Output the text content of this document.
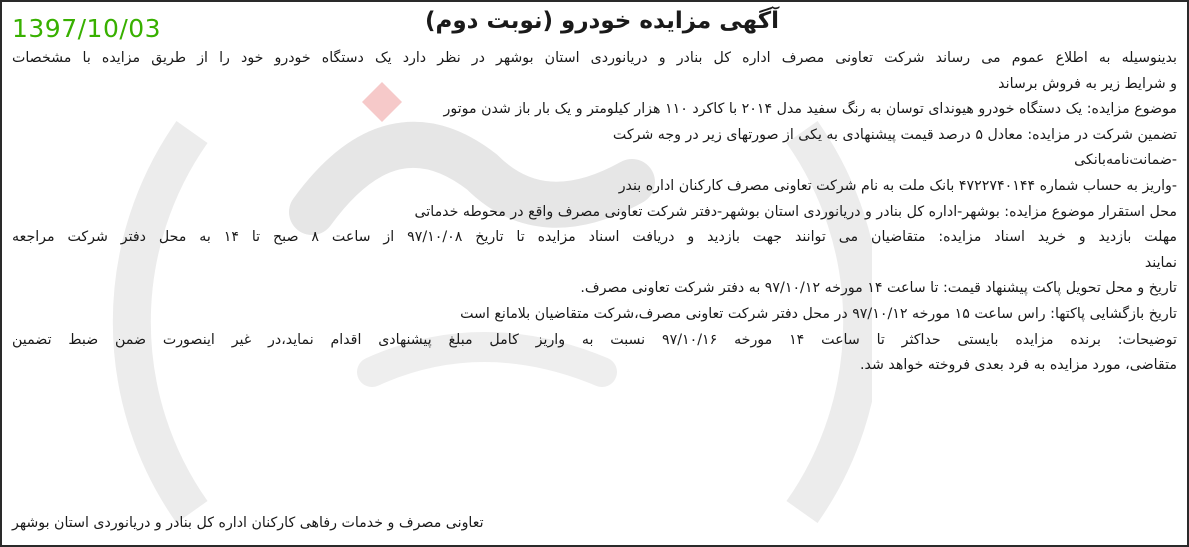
1397/10/03	آگهی مزایده خودرو (نوبت دوم)
بدینوسیله به اطلاع عموم می رساند شرکت تعاونی مصرف اداره کل بنادر و دریانوردی استان بوشهر در نظر دارد یک دستگاه خودرو خود را از طریق مزایده با مشخصات
و شرایط زیر به فروش برساند
موضوع مزایده: یک دستگاه خودرو هیوندای توسان به رنگ سفید مدل ۲۰۱۴ با کاکرد ۱۱۰ هزار کیلومتر و یک بار باز شدن موتور
تضمین شرکت در مزایده: معادل ۵ درصد قیمت پیشنهادی به یکی از صورتهای زیر در وجه شرکت
-ضمانت‌نامه‌بانکی
-واریز به حساب شماره ۴۷۲۲۷۴۰۱۴۴ بانک ملت به نام شرکت تعاونی مصرف کارکنان اداره بندر
محل استقرار موضوع مزایده: بوشهر-اداره کل بنادر و دریانوردی استان بوشهر-دفتر شرکت تعاونی مصرف واقع در محوطه خدماتی
مهلت بازدید و خرید اسناد مزایده: متقاضیان می توانند جهت بازدید و دریافت اسناد مزایده تا تاریخ ۹۷/۱۰/۰۸ از ساعت ۸ صبح تا ۱۴ به محل دفتر شرکت مراجعه
نمایند
تاریخ و محل تحویل پاکت پیشنهاد قیمت: تا ساعت ۱۴ مورخه ۹۷/۱۰/۱۲ به دفتر شرکت تعاونی مصرف.
تاریخ بازگشایی پاکتها: راس ساعت ۱۵ مورخه ۹۷/۱۰/۱۲ در محل دفتر شرکت تعاونی مصرف،شرکت متقاضیان بلامانع است
توضیحات: برنده مزایده بایستی حداکثر تا ساعت ۱۴ مورخه ۹۷/۱۰/۱۶ نسبت به واریز کامل مبلغ پیشنهادی اقدام نماید،در غیر اینصورت ضمن ضبط تضمین
متقاضی، مورد مزایده به فرد بعدی فروخته خواهد شد.
تعاونی مصرف و خدمات رفاهی کارکنان اداره کل بنادر و دریانوردی استان بوشهر
